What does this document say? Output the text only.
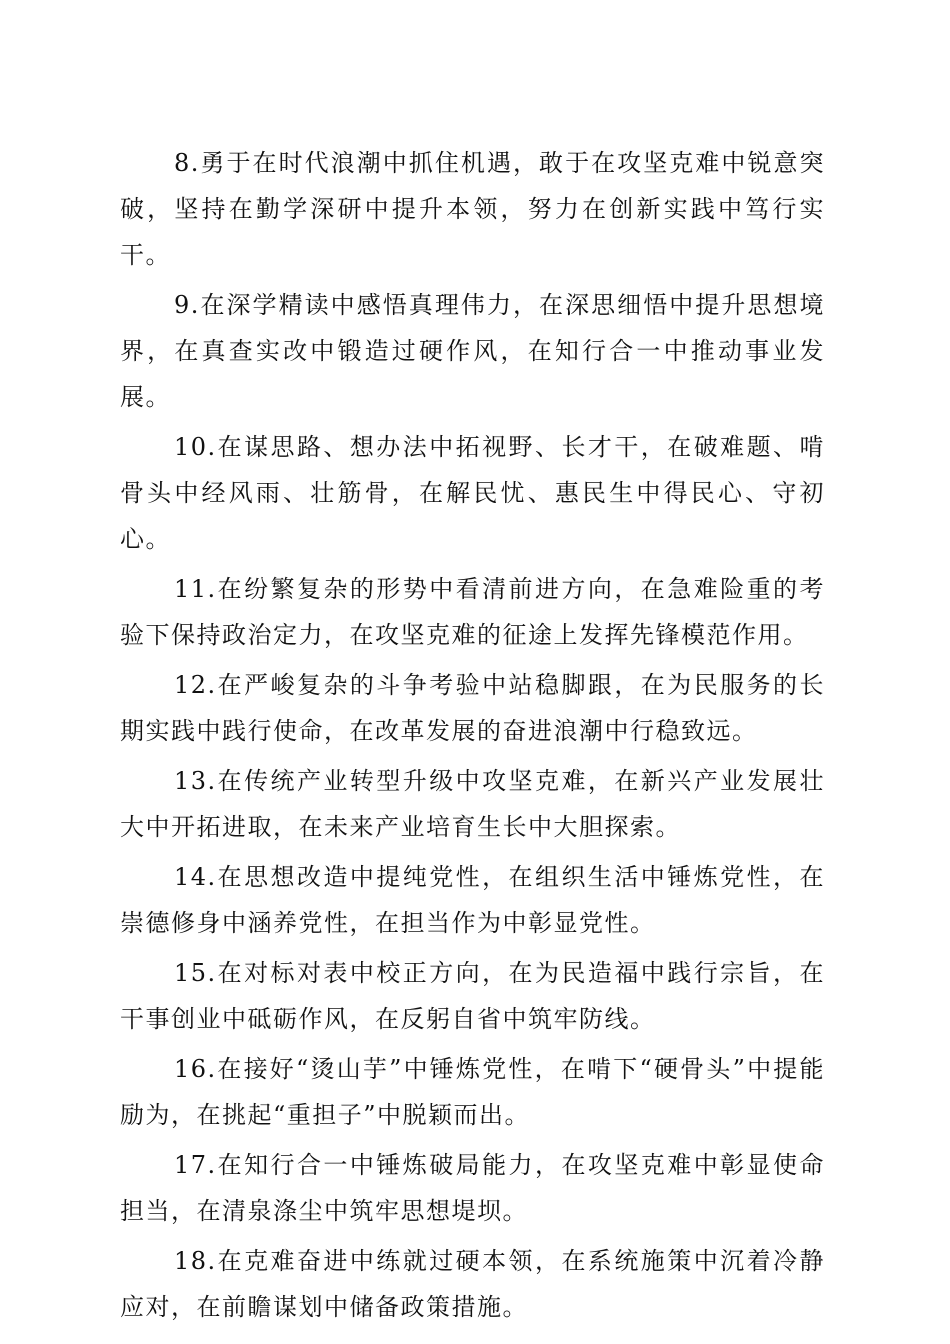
8.勇于在时代浪潮中抓住机遇，敢于在攻坚克难中锐意突破，坚持在勤学深研中提升本领，努力在创新实践中笃行实干。

9.在深学精读中感悟真理伟力，在深思细悟中提升思想境界，在真查实改中锻造过硬作风，在知行合一中推动事业发展。

10.在谋思路、想办法中拓视野、长才干，在破难题、啃骨头中经风雨、壮筋骨，在解民忧、惠民生中得民心、守初心。

11.在纷繁复杂的形势中看清前进方向，在急难险重的考验下保持政治定力，在攻坚克难的征途上发挥先锋模范作用。

12.在严峻复杂的斗争考验中站稳脚跟，在为民服务的长期实践中践行使命，在改革发展的奋进浪潮中行稳致远。

13.在传统产业转型升级中攻坚克难，在新兴产业发展壮大中开拓进取，在未来产业培育生长中大胆探索。

14.在思想改造中提纯党性，在组织生活中锤炼党性，在崇德修身中涵养党性，在担当作为中彰显党性。

15.在对标对表中校正方向，在为民造福中践行宗旨，在干事创业中砥砺作风，在反躬自省中筑牢防线。

16.在接好“烫山芋”中锤炼党性，在啃下“硬骨头”中提能励为，在挑起“重担子”中脱颖而出。

17.在知行合一中锤炼破局能力，在攻坚克难中彰显使命担当，在清泉涤尘中筑牢思想堤坝。

18.在克难奋进中练就过硬本领，在系统施策中沉着冷静应对，在前瞻谋划中储备政策措施。
